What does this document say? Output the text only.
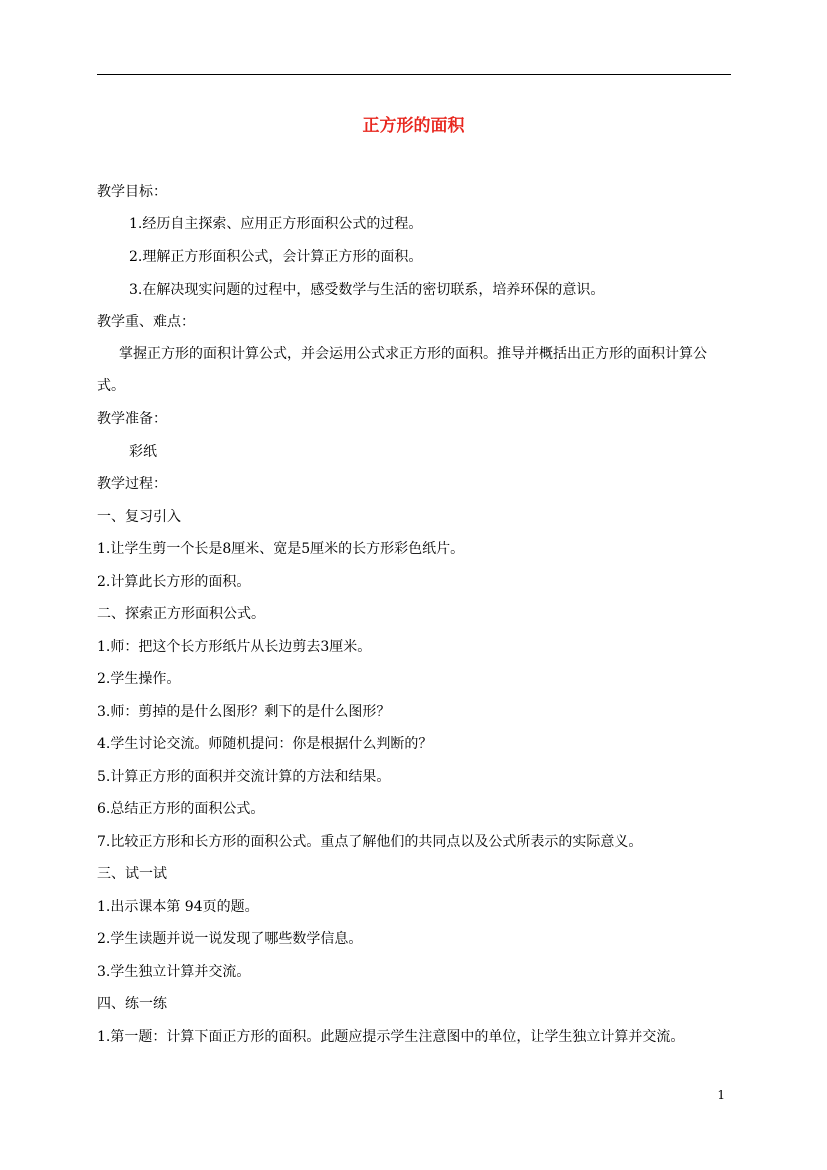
正方形的面积
教学目标：
1.经历自主探索、应用正方形面积公式的过程。
2.理解正方形面积公式，会计算正方形的面积。
3.在解决现实问题的过程中，感受数学与生活的密切联系，培养环保的意识。
教学重、难点：
掌握正方形的面积计算公式，并会运用公式求正方形的面积。推导并概括出正方形的面积计算公式。
教学准备：
彩纸
教学过程：
一、复习引入
1.让学生剪一个长是8厘米、宽是5厘米的长方形彩色纸片。
2.计算此长方形的面积。
二、探索正方形面积公式。
1.师：把这个长方形纸片从长边剪去3厘米。
2.学生操作。
3.师：剪掉的是什么图形？剩下的是什么图形？
4.学生讨论交流。师随机提问：你是根据什么判断的？
5.计算正方形的面积并交流计算的方法和结果。
6.总结正方形的面积公式。
7.比较正方形和长方形的面积公式。重点了解他们的共同点以及公式所表示的实际意义。
三、试一试
1.出示课本第 94页的题。
2.学生读题并说一说发现了哪些数学信息。
3.学生独立计算并交流。
四、练一练
1.第一题：计算下面正方形的面积。此题应提示学生注意图中的单位，让学生独立计算并交流。
1
